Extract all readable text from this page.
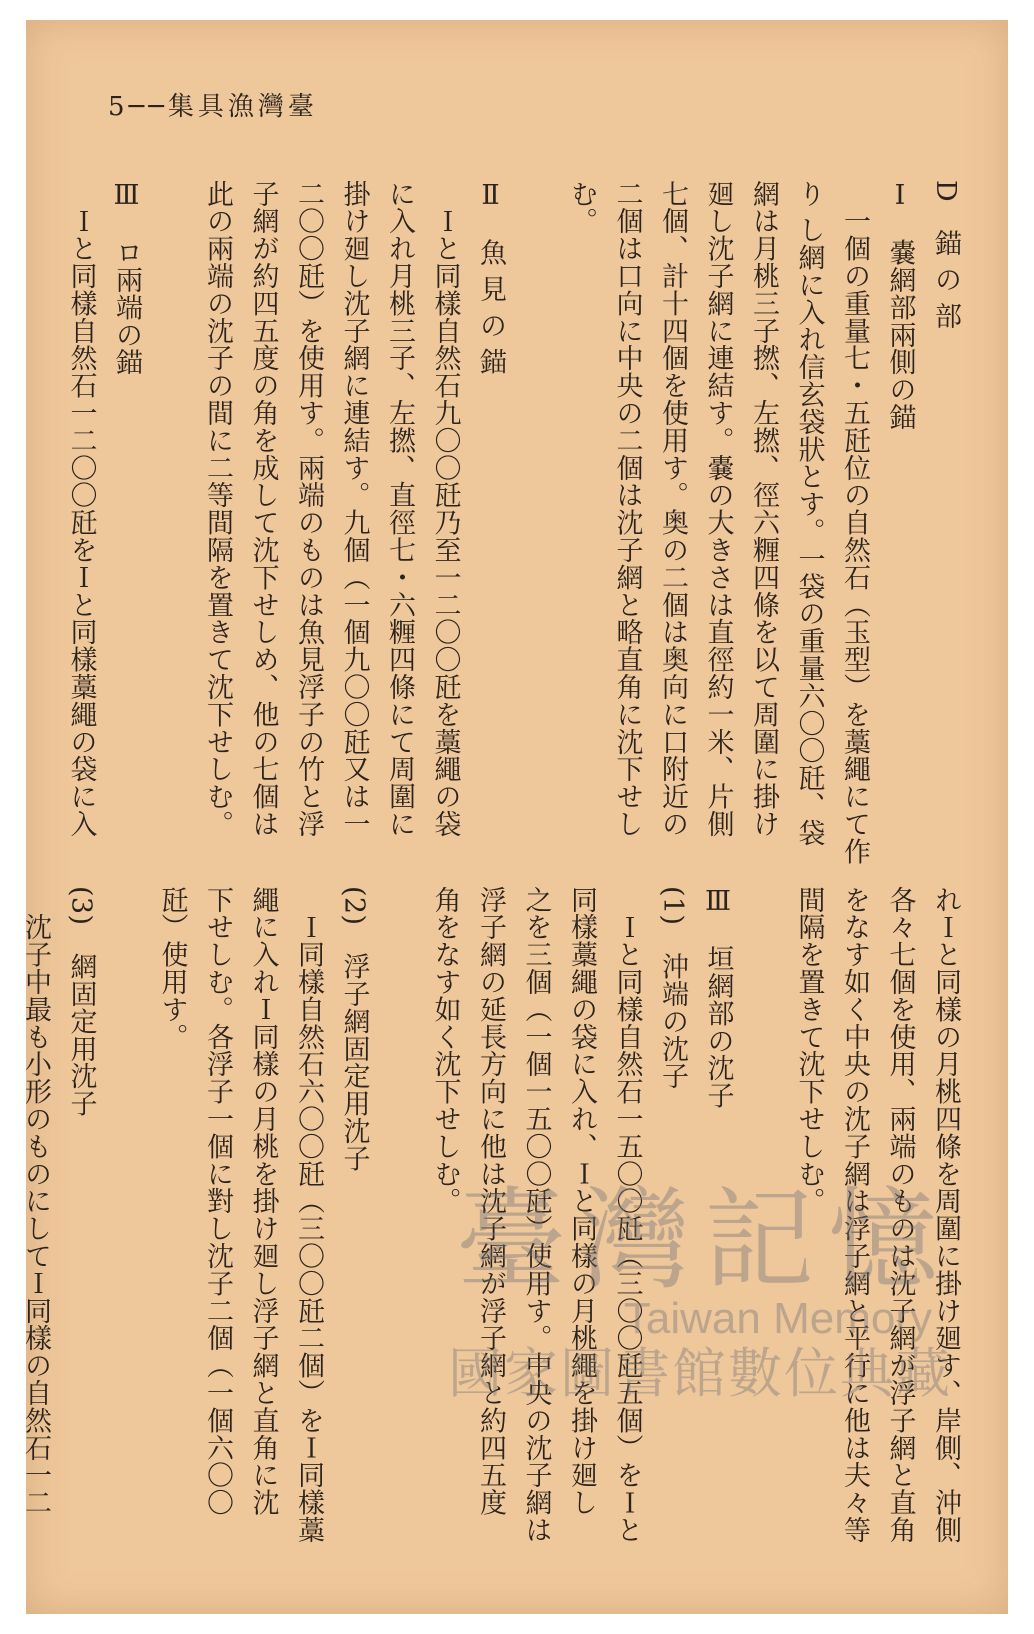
5──集具漁灣臺
D　錨 の 部
Ⅰ　嚢網部兩側の錨
　一個の重量七・五瓩位の自然石（玉型）を藁繩にて作
り し網に入れ信玄袋狀とす。一袋の重量六〇〇瓩、袋
網は月桃三子撚、左撚、徑六糎四條を以て周圍に掛け
廻し沈子網に連結す。嚢の大きさは直徑約一米、片側
七個、計十四個を使用す。奥の二個は奥向に口附近の
二個は口向に中央の二個は沈子網と略直角に沈下せし
む。

Ⅱ　魚 見 の 錨
　Ｉと同樣自然石九〇〇瓩乃至一二〇〇瓩を藁繩の袋
に入れ月桃三子、左撚、直徑七・六糎四條にて周圍に
掛け廻し沈子網に連結す。九個（一個九〇〇瓩又は一
二〇〇瓩）を使用す。兩端のものは魚見浮子の竹と浮
子網が約四五度の角を成して沈下せしめ、他の七個は
此の兩端の沈子の間に二等間隔を置きて沈下せしむ。

Ⅲ　ロ兩端の錨
　Ｉと同樣自然石一二〇〇瓩をＩと同樣藁繩の袋に入
れＩと同樣の月桃四條を周圍に掛け廻す、岸側、沖側
各々七個を使用、兩端のものは沈子網が浮子網と直角
をなす如く中央の沈子網は浮子網と平行に他は夫々等
間隔を置きて沈下せしむ。

Ⅲ　垣網部の沈子
(1)　沖端の沈子
　Ｉと同樣自然石一五〇〇瓩（三〇〇瓩五個）をＩと
同樣藁繩の袋に入れ、Ｉと同樣の月桃繩を掛け廻し
之を三個（一個一五〇〇瓩）使用す。中央の沈子網は
浮子網の延長方向に他は沈子網が浮子網と約四五度
角をなす如く沈下せしむ。

(2)　浮子網固定用沈子
　Ｉ同樣自然石六〇〇瓩（三〇〇瓩二個）をＩ同樣藁
繩に入れＩ同樣の月桃を掛け廻し浮子網と直角に沈
下せしむ。各浮子一個に對し沈子二個（一個六〇〇
瓩）使用す。

(3)　網固定用沈子
　沈子中最も小形のものにしてＩ同樣の自然石一二	臺灣記憶
Taiwan Memory
國家圖書館數位典藏
